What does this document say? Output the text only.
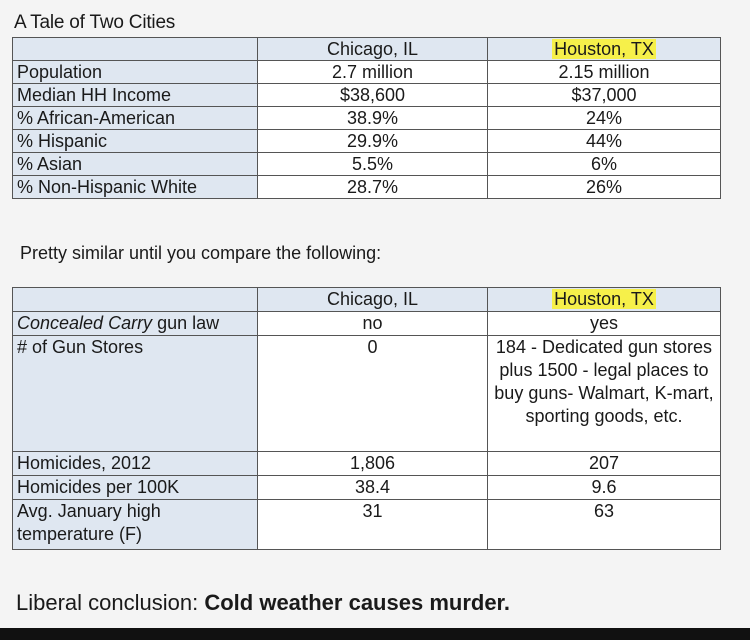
A Tale of Two Cities
	Chicago, IL	Houston, TX
Population	2.7 million	2.15 million
Median HH Income	$38,600	$37,000
% African-American	38.9%	24%
% Hispanic	29.9%	44%
% Asian	5.5%	6%
% Non-Hispanic White	28.7%	26%
Pretty similar until you compare the following:
	Chicago, IL	Houston, TX
Concealed Carry gun law	no	yes
# of Gun Stores	0	184 - Dedicated gun stores plus 1500 - legal places to buy guns- Walmart, K-mart, sporting goods, etc.
Homicides, 2012	1,806	207
Homicides per 100K	38.4	9.6
Avg. January high temperature (F)	31	63
Liberal conclusion: Cold weather causes murder.
